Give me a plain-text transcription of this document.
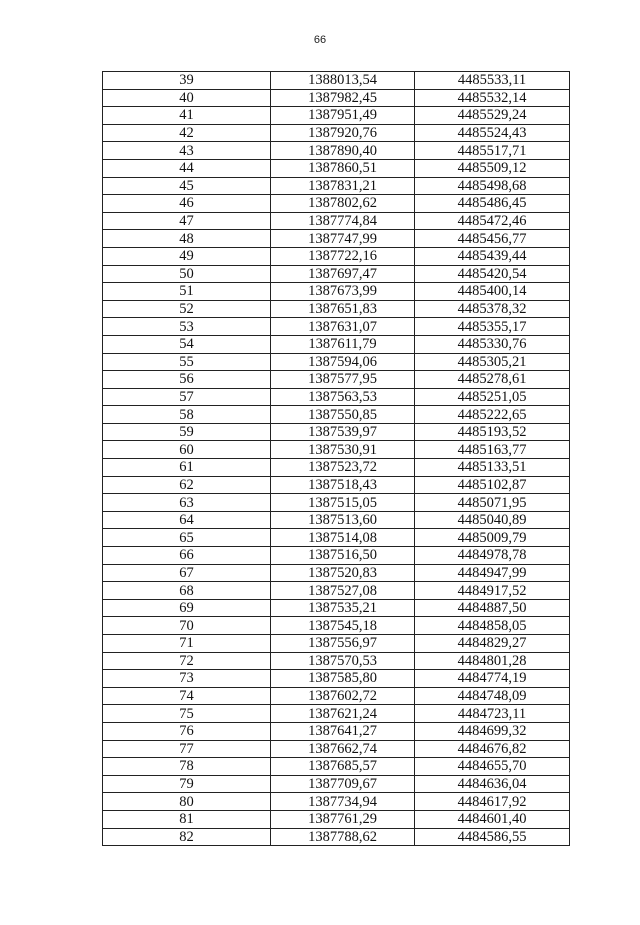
66
39	1388013,54	4485533,11
40	1387982,45	4485532,14
41	1387951,49	4485529,24
42	1387920,76	4485524,43
43	1387890,40	4485517,71
44	1387860,51	4485509,12
45	1387831,21	4485498,68
46	1387802,62	4485486,45
47	1387774,84	4485472,46
48	1387747,99	4485456,77
49	1387722,16	4485439,44
50	1387697,47	4485420,54
51	1387673,99	4485400,14
52	1387651,83	4485378,32
53	1387631,07	4485355,17
54	1387611,79	4485330,76
55	1387594,06	4485305,21
56	1387577,95	4485278,61
57	1387563,53	4485251,05
58	1387550,85	4485222,65
59	1387539,97	4485193,52
60	1387530,91	4485163,77
61	1387523,72	4485133,51
62	1387518,43	4485102,87
63	1387515,05	4485071,95
64	1387513,60	4485040,89
65	1387514,08	4485009,79
66	1387516,50	4484978,78
67	1387520,83	4484947,99
68	1387527,08	4484917,52
69	1387535,21	4484887,50
70	1387545,18	4484858,05
71	1387556,97	4484829,27
72	1387570,53	4484801,28
73	1387585,80	4484774,19
74	1387602,72	4484748,09
75	1387621,24	4484723,11
76	1387641,27	4484699,32
77	1387662,74	4484676,82
78	1387685,57	4484655,70
79	1387709,67	4484636,04
80	1387734,94	4484617,92
81	1387761,29	4484601,40
82	1387788,62	4484586,55
